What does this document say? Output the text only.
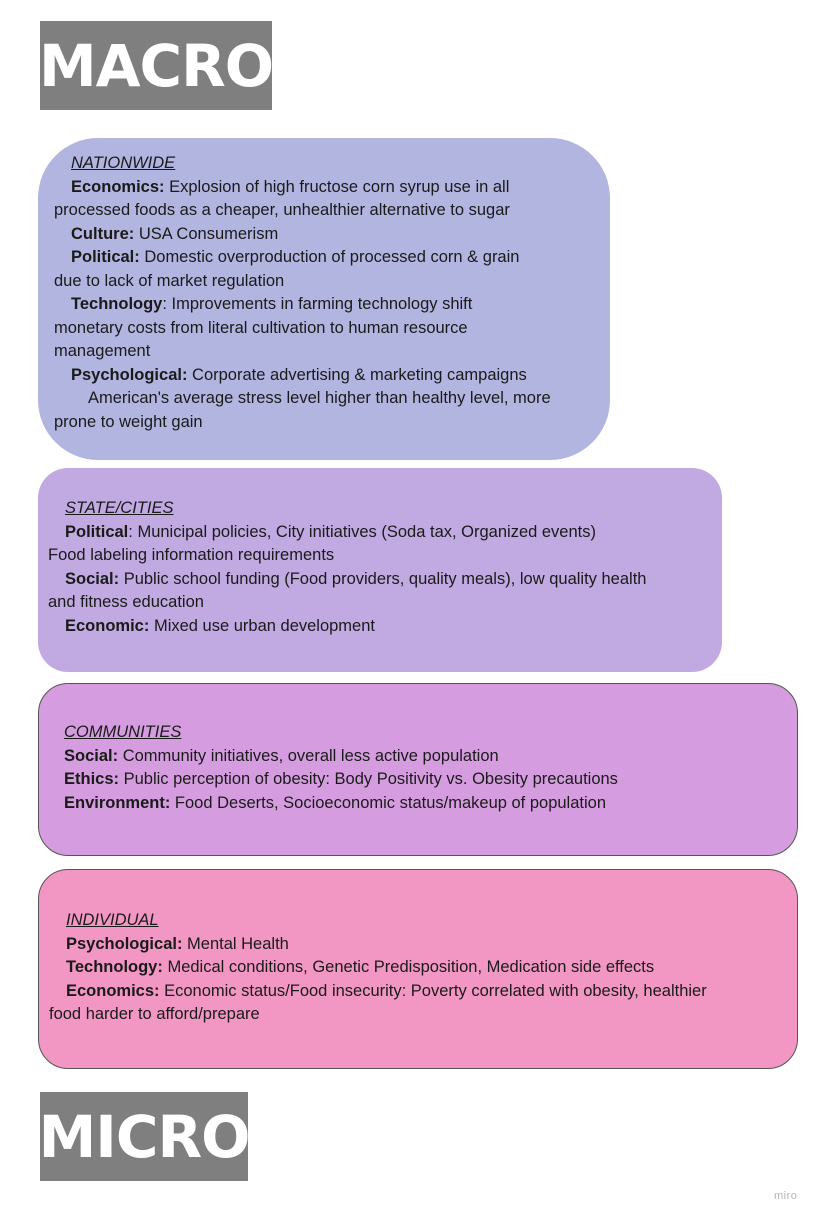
MACRO

NATIONWIDE

Economics: Explosion of high fructose corn syrup use in all

processed foods as a cheaper, unhealthier alternative to sugar

Culture: USA Consumerism

Political: Domestic overproduction of processed corn & grain

due to lack of market regulation

Technology: Improvements in farming technology shift

monetary costs from literal cultivation to human resource

management

Psychological: Corporate advertising & marketing campaigns

American's average stress level higher than healthy level, more

prone to weight gain

STATE/CITIES

Political: Municipal policies, City initiatives (Soda tax, Organized events)

Food labeling information requirements

Social: Public school funding (Food providers, quality meals), low quality health

and fitness education

Economic: Mixed use urban development

COMMUNITIES

Social: Community initiatives, overall less active population

Ethics: Public perception of obesity: Body Positivity vs. Obesity precautions

Environment: Food Deserts, Socioeconomic status/makeup of population

INDIVIDUAL

Psychological: Mental Health

Technology: Medical conditions, Genetic Predisposition, Medication side effects

Economics: Economic status/Food insecurity: Poverty correlated with obesity, healthier

food harder to afford/prepare

MICRO
miro
